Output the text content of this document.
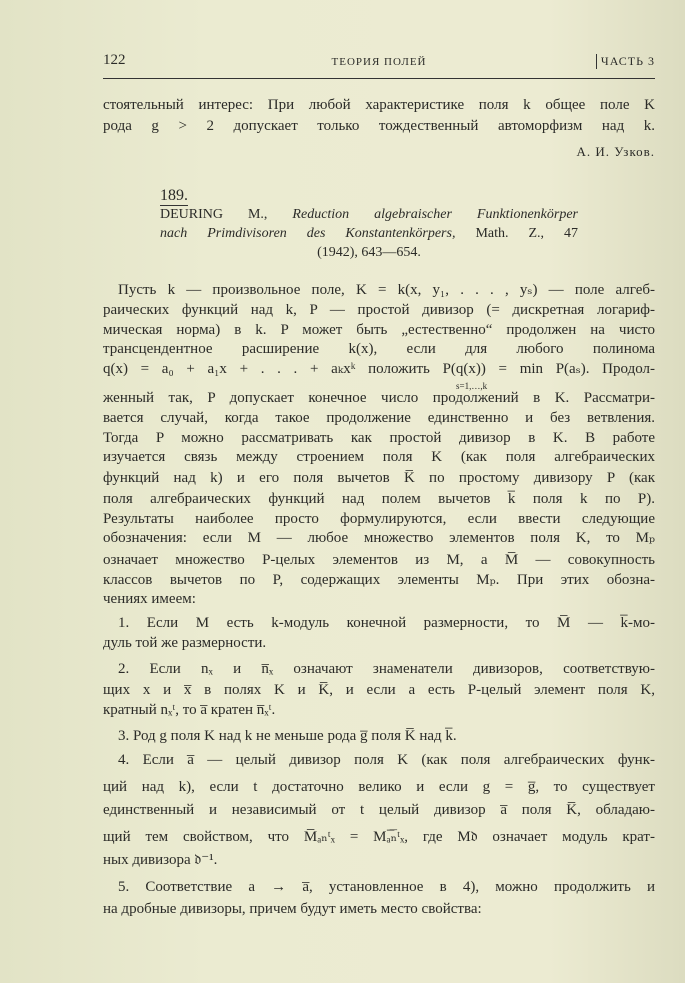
122	ТЕОРИЯ ПОЛЕЙ	ЧАСТЬ 3
стоятельный интерес: При любой характеристике поля k общее поле K
рода g > 2 допускает только тождественный автоморфизм над k.
А. И. Узков.
189.
DEURING M., Reduction algebraischer Funktionenkörper
nach Primdivisoren des Konstantenkörpers, Math. Z., 47
(1942), 643—654.
Пусть k — произвольное поле, K = k(x, y₁, . . . , yₛ) — поле алгеб-
раических функций над k, P — простой дивизор (= дискретная логариф-
мическая норма) в k. P может быть „естественно“ продолжен на чисто
трансцендентное расширение k(x), если для любого полинома
q(x) = a₀ + a₁x + . . . + aₖxᵏ положить P(q(x)) = min P(aₛ). Продол-
s=1,…,k
женный так, P допускает конечное число продолжений в K. Рассматри-
вается случай, когда такое продолжение единственно и без ветвления.
Тогда P можно рассматривать как простой дивизор в K. В работе
изучается связь между строением поля K (как поля алгебраических
функций над k) и его поля вычетов K̅ по простому дивизору P (как
поля алгебраических функций над полем вычетов k̅ поля k по P).
Результаты наиболее просто формулируются, если ввести следующие
обозначения: если M — любое множество элементов поля K, то Mₚ
означает множество P-целых элементов из M, а M̅ — совокупность
классов вычетов по P, содержащих элементы Mₚ. При этих обозна-
чениях имеем:
1. Если M есть k-модуль конечной размерности, то M̅ — k̅-мо-
дуль той же размерности.
2. Если nₓ и n̅ₓ означают знаменатели дивизоров, соответствую-
щих x и x̅ в полях K и K̅, и если a есть P-целый элемент поля K,
кратный nₓᵗ, то a̅ кратен n̅ₓᵗ.
3. Род g поля K над k не меньше рода g̅ поля K̅ над k̅.
4. Если a̅ — целый дивизор поля K (как поля алгебраических функ-
ций над k), если t достаточно велико и если g = g̅, то существует
единственный и независимый от t целый дивизор a̅ поля K̅, обладаю-
щий тем свойством, что M̅ₐₙᵗₓ = Mₐ̅ₙ̅ᵗₓ, где M𝔡 означает модуль крат-
ных дивизора 𝔡⁻¹.
5. Соответствие a → a̅, установленное в 4), можно продолжить и
на дробные дивизоры, причем будут иметь место свойства:
